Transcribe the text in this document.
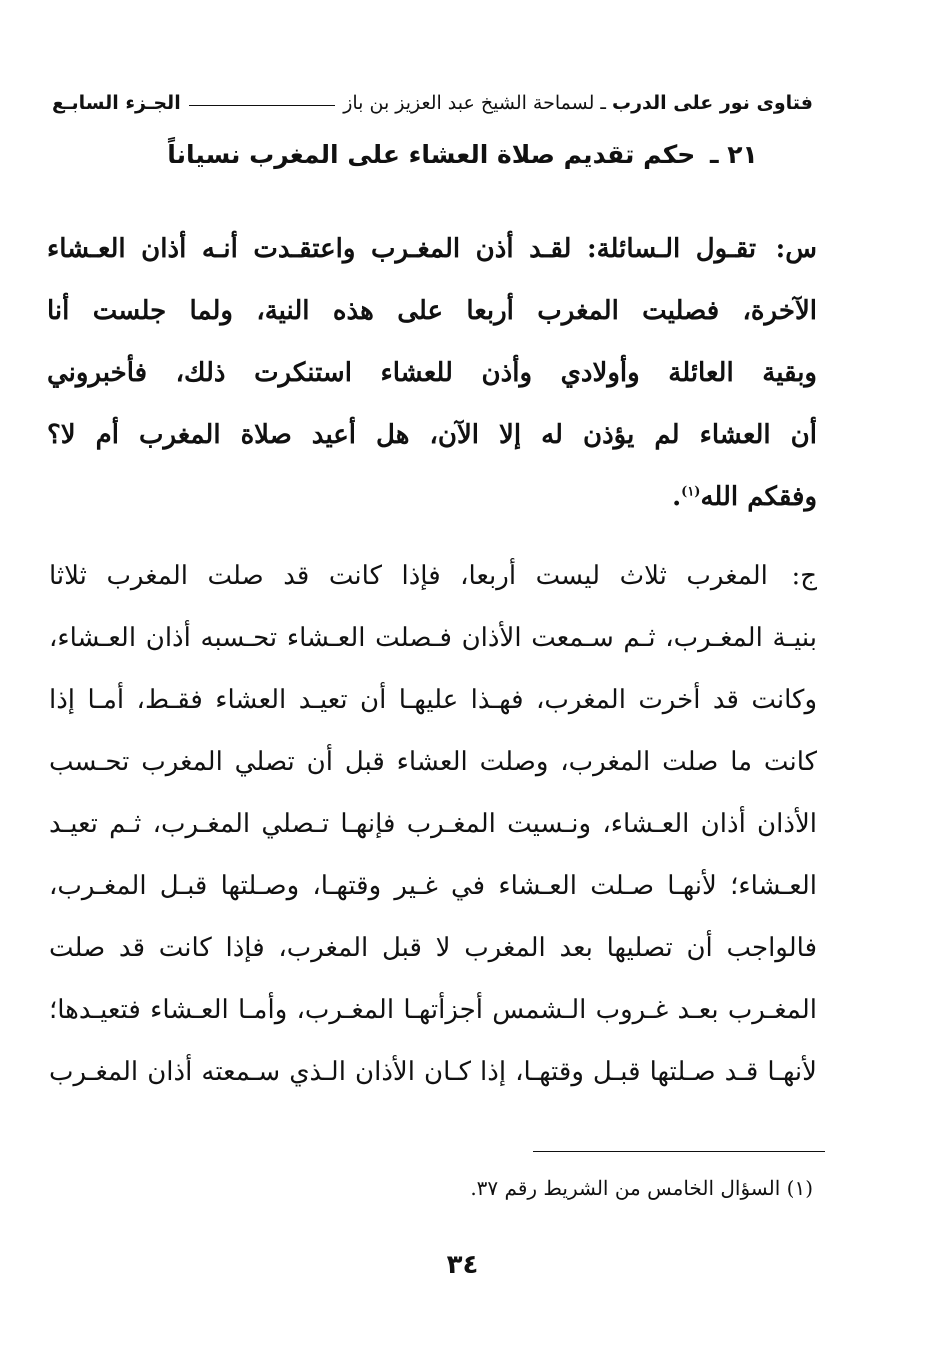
فتاوى نور على الدرب
ـ لسماحة الشيخ عبد العزيز بن باز
الجـزء السابـع
٢١ ـ حكم تقديم صلاة العشاء على المغرب نسياناً
س: تقـول الـسائلة: لقـد أذن المغـرب واعتقـدت أنـه أذان العـشاء
الآخرة، فصليت المغرب أربعا على هذه النية، ولما جلست أنا
وبقية العائلة وأولادي وأذن للعشاء استنكرت ذلك، فأخبروني
أن العشاء لم يؤذن له إلا الآن، هل أعيد صلاة المغرب أم لا؟
وفقكم الله$^{(١)}$.
ج: المغرب ثلاث ليست أربعا، فإذا كانت قد صلت المغرب ثلاثا
بنيـة المغـرب، ثـم سـمعت الأذان فـصلت العـشاء تحـسبه أذان العـشاء،
وكانت قد أخرت المغرب، فهـذا عليهـا أن تعيـد العشاء فقـط، أمـا إذا
كانت ما صلت المغرب، وصلت العشاء قبل أن تصلي المغرب تحـسب
الأذان أذان العـشاء، ونـسيت المغـرب فإنهـا تـصلي المغـرب، ثـم تعيـد
العـشاء؛ لأنهـا صـلت العـشاء في غـير وقتهـا، وصـلتها قبـل المغـرب،
فالواجب أن تصليها بعد المغرب لا قبل المغرب، فإذا كانت قد صلت
المغـرب بعـد غـروب الـشمس أجزأتهـا المغـرب، وأمـا العـشاء فتعيـدها؛
لأنهـا قـد صـلتها قبـل وقتهـا، إذا كـان الأذان الـذي سـمعته أذان المغـرب
(١) السؤال الخامس من الشريط رقم ٣٧.
٣٤
